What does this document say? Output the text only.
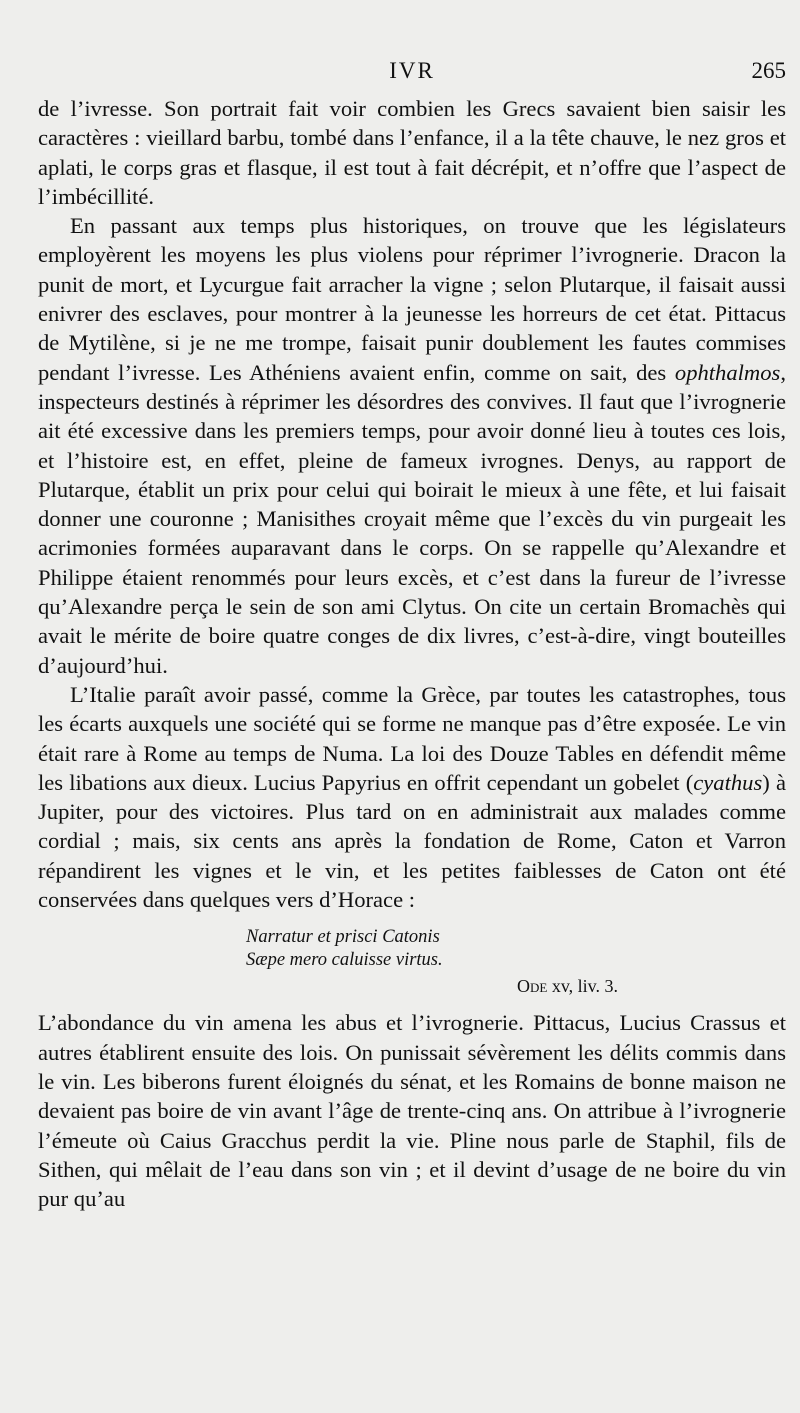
IVR	265

de l’ivresse. Son portrait fait voir combien les Grecs savaient bien saisir les caractères : vieillard barbu, tombé dans l’enfance, il a la tête chauve, le nez gros et aplati, le corps gras et flasque, il est tout à fait décrépit, et n’offre que l’aspect de l’imbécillité.

En passant aux temps plus historiques, on trouve que les législateurs employèrent les moyens les plus violens pour réprimer l’ivrognerie. Dracon la punit de mort, et Lycurgue fait arracher la vigne ; selon Plutarque, il faisait aussi enivrer des esclaves, pour montrer à la jeunesse les horreurs de cet état. Pittacus de Mytilène, si je ne me trompe, faisait punir doublement les fautes commises pendant l’ivresse. Les Athéniens avaient enfin, comme on sait, des ophthalmos, inspecteurs destinés à réprimer les désordres des convives. Il faut que l’ivrognerie ait été excessive dans les premiers temps, pour avoir donné lieu à toutes ces lois, et l’histoire est, en effet, pleine de fameux ivrognes. Denys, au rapport de Plutarque, établit un prix pour celui qui boirait le mieux à une fête, et lui faisait donner une couronne ; Manisithes croyait même que l’excès du vin purgeait les acrimonies formées auparavant dans le corps. On se rappelle qu’Alexandre et Philippe étaient renommés pour leurs excès, et c’est dans la fureur de l’ivresse qu’Alexandre perça le sein de son ami Clytus. On cite un certain Bromachès qui avait le mérite de boire quatre conges de dix livres, c’est-à-dire, vingt bouteilles d’aujourd’hui.

L’Italie paraît avoir passé, comme la Grèce, par toutes les catastrophes, tous les écarts auxquels une société qui se forme ne manque pas d’être exposée. Le vin était rare à Rome au temps de Numa. La loi des Douze Tables en défendit même les libations aux dieux. Lucius Papyrius en offrit cependant un gobelet (cyathus) à Jupiter, pour des victoires. Plus tard on en administrait aux malades comme cordial ; mais, six cents ans après la fondation de Rome, Caton et Varron répandirent les vignes et le vin, et les petites faiblesses de Caton ont été conservées dans quelques vers d’Horace :

Narratur et prisci Catonis
Sæpe mero caluisse virtus.
Ode xv, liv. 3.

L’abondance du vin amena les abus et l’ivrognerie. Pittacus, Lucius Crassus et autres établirent ensuite des lois. On punissait sévèrement les délits commis dans le vin. Les biberons furent éloignés du sénat, et les Romains de bonne maison ne devaient pas boire de vin avant l’âge de trente-cinq ans. On attribue à l’ivrognerie l’émeute où Caius Gracchus perdit la vie. Pline nous parle de Staphil, fils de Sithen, qui mêlait de l’eau dans son vin ; et il devint d’usage de ne boire du vin pur qu’au
